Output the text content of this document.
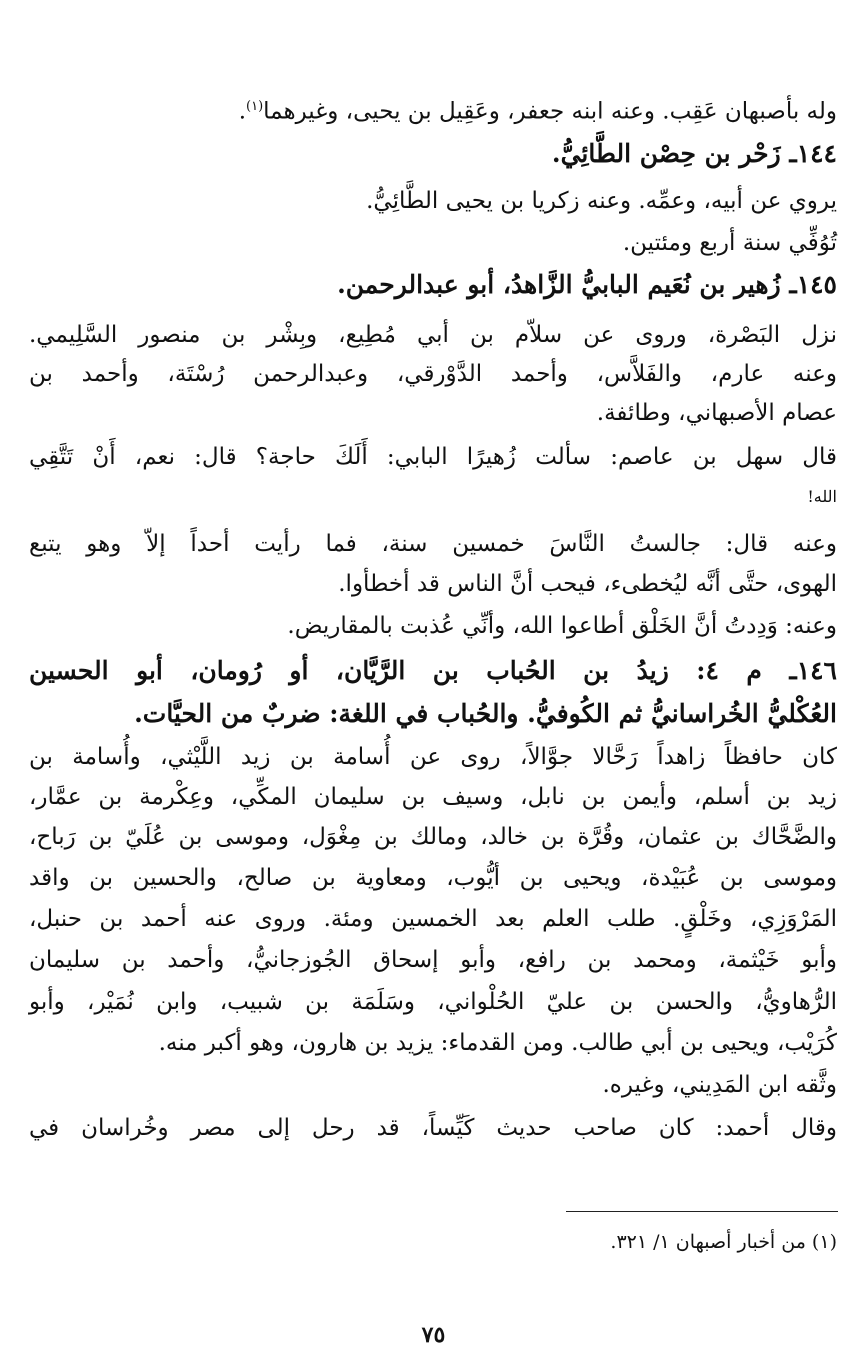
وله بأصبهان عَقِب. وعنه ابنه جعفر، وعَقِيل بن يحيى، وغيرهما$^{(١)}$.
١٤٤ـ زَحْر بن حِصْن الطَّائِيُّ.
يروي عن أبيه، وعمِّه. وعنه زكريا بن يحيى الطَّائِيُّ.
تُوُفِّي سنة أربع ومئتين.
١٤٥ـ زُهير بن نُعَيم البابيُّ الزَّاهدُ، أبو عبدالرحمن.
نزل البَصْرة، وروى عن سلاّم بن أبي مُطِيع، وبِشْر بن منصور السَّلِيمي.
وعنه عارم، والفَلاَّس، وأحمد الدَّوْرقي، وعبدالرحمن رُسْتَة، وأحمد بن
عصام الأصبهاني، وطائفة.
قال سهل بن عاصم: سألت زُهيرًا البابي: أَلَكَ حاجة؟ قال: نعم، أَنْ تَتَّقِي
الله!
وعنه قال: جالستُ النَّاسَ خمسين سنة، فما رأيت أحداً إلاّ وهو يتبع
الهوى، حتَّى أنَّه ليُخطىء، فيحب أنَّ الناس قد أخطأوا.
وعنه: وَدِدتُ أنَّ الخَلْق أطاعوا الله، وأنِّي عُذبت بالمقاريض.
١٤٦ـ م ٤: زيدُ بن الحُباب بن الرَّيَّان، أو رُومان، أبو الحسين
العُكْليُّ الخُراسانيُّ ثم الكُوفيُّ. والحُباب في اللغة: ضربٌ من الحيَّات.
كان حافظاً زاهداً رَحَّالا جوَّالاً، روى عن أُسامة بن زيد اللَّيْثي، وأُسامة بن
زيد بن أسلم، وأيمن بن نابل، وسيف بن سليمان المكِّي، وعِكْرمة بن عمَّار،
والضَّحَّاك بن عثمان، وقُرَّة بن خالد، ومالك بن مِغْوَل، وموسى بن عُلَيّ بن رَباح،
وموسى بن عُبَيْدة، ويحيى بن أيُّوب، ومعاوية بن صالح، والحسين بن واقد
المَرْوَزِي، وخَلْقٍ. طلب العلم بعد الخمسين ومئة. وروى عنه أحمد بن حنبل،
وأبو خَيْثمة، ومحمد بن رافع، وأبو إسحاق الجُوزجانيُّ، وأحمد بن سليمان
الرُّهاويُّ، والحسن بن عليّ الحُلْواني، وسَلَمَة بن شبيب، وابن نُمَيْر، وأبو
كُرَيْب، ويحيى بن أبي طالب. ومن القدماء: يزيد بن هارون، وهو أكبر منه.
وثَّقه ابن المَدِيني، وغيره.
وقال أحمد: كان صاحب حديث كَيِّساً، قد رحل إلى مصر وخُراسان في
(١) من أخبار أصبهان ١/ ٣٢١.
٧٥
